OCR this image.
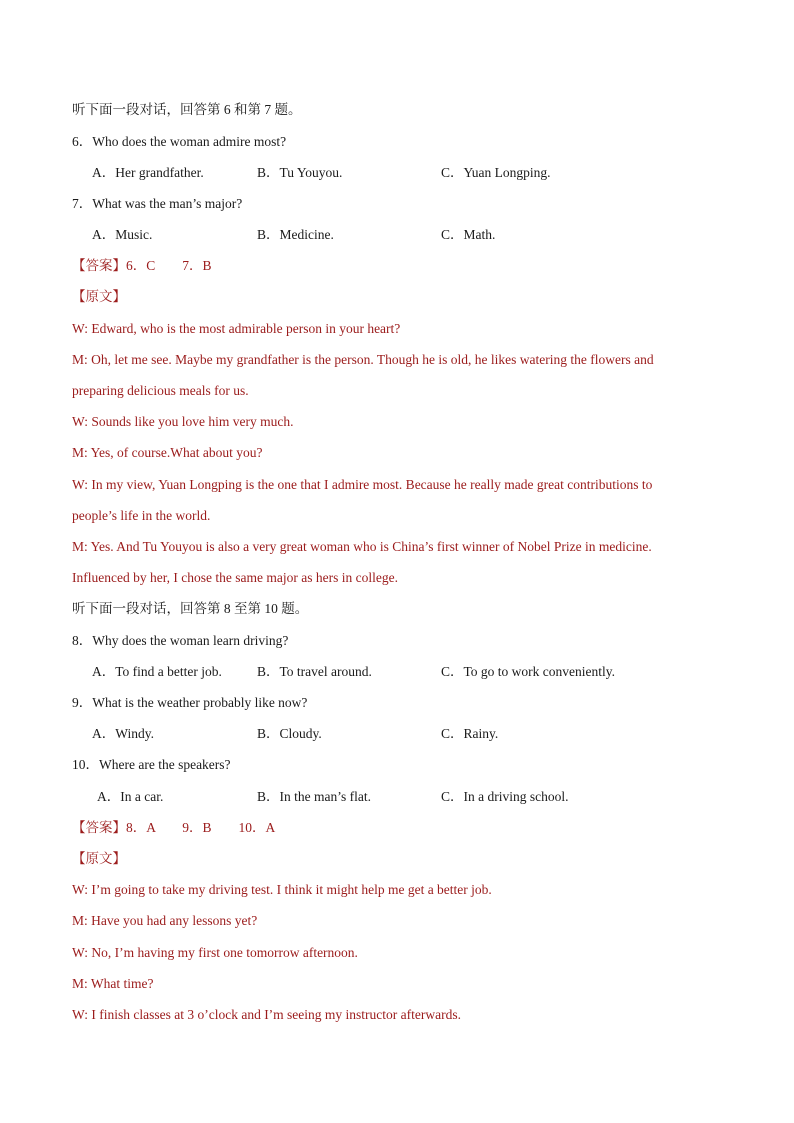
听下面一段对话，回答第 6 和第 7 题。
6．Who does the woman admire most?
A．Her grandfather.	B．Tu Youyou.	C．Yuan Longping.
7．What was the man’s major?
A．Music.	B．Medicine.	C．Math.
【答案】6．C　　7．B
【原文】
W: Edward, who is the most admirable person in your heart?
M: Oh, let me see. Maybe my grandfather is the person. Though he is old, he likes watering the flowers and
preparing delicious meals for us.
W: Sounds like you love him very much.
M: Yes, of course.What about you?
W: In my view, Yuan Longping is the one that I admire most. Because he really made great contributions to
people’s life in the world.
M: Yes. And Tu Youyou is also a very great woman who is China’s first winner of Nobel Prize in medicine.
Influenced by her, I chose the same major as hers in college.
听下面一段对话，回答第 8 至第 10 题。
8．Why does the woman learn driving?
A．To find a better job.	B．To travel around.	C．To go to work conveniently.
9．What is the weather probably like now?
A．Windy.	B．Cloudy.	C．Rainy.
10．Where are the speakers?
A．In a car.	B．In the man’s flat.	C．In a driving school.
【答案】8．A　　9．B　　10．A
【原文】
W: I’m going to take my driving test. I think it might help me get a better job.
M: Have you had any lessons yet?
W: No, I’m having my first one tomorrow afternoon.
M: What time?
W: I finish classes at 3 o’clock and I’m seeing my instructor afterwards.
